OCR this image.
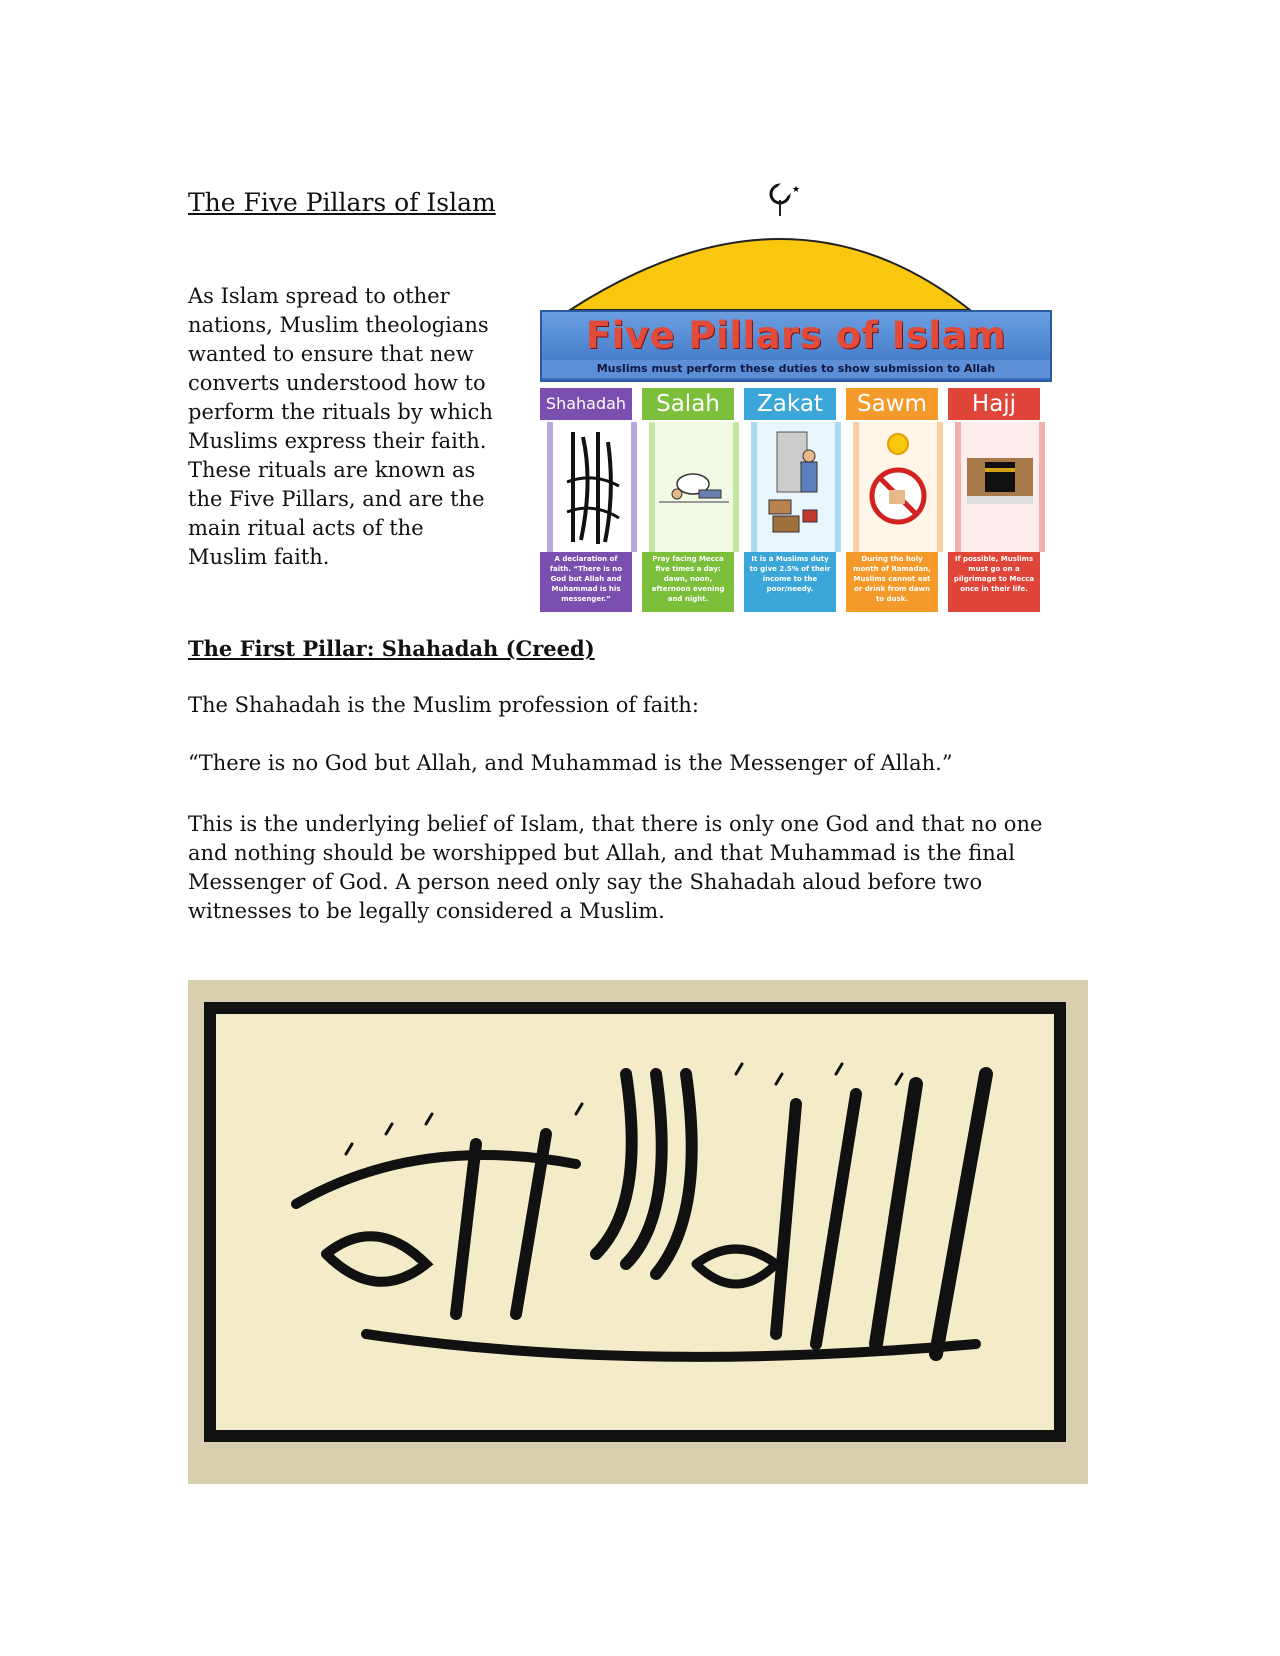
The Five Pillars of Islam

As Islam spread to other nations, Muslim theologians wanted to ensure that new converts understood how to perform the rituals by which Muslims express their faith. These rituals are known as the Five Pillars, and are the main ritual acts of the Muslim faith.

★
Five Pillars of Islam
Muslims must perform these duties to show submission to Allah
Shahadah
A declaration of faith. “There is no God but Allah and Muhammad is his messenger.”
Salah
Pray facing Mecca five times a day: dawn, noon, afternoon evening and night.
Zakat
It is a Muslims duty to give 2.5% of their income to the poor/needy.
Sawm
During the holy month of Ramadan, Muslims cannot eat or drink from dawn to dusk.
Hajj
If possible, Muslims must go on a pilgrimage to Mecca once in their life.
The First Pillar: Shahadah (Creed)

The Shahadah is the Muslim profession of faith:

“There is no God but Allah, and Muhammad is the Messenger of Allah.”

This is the underlying belief of Islam, that there is only one God and that no one and nothing should be worshipped but Allah, and that Muhammad is the final Messenger of God. A person need only say the Shahadah aloud before two witnesses to be legally considered a Muslim.
